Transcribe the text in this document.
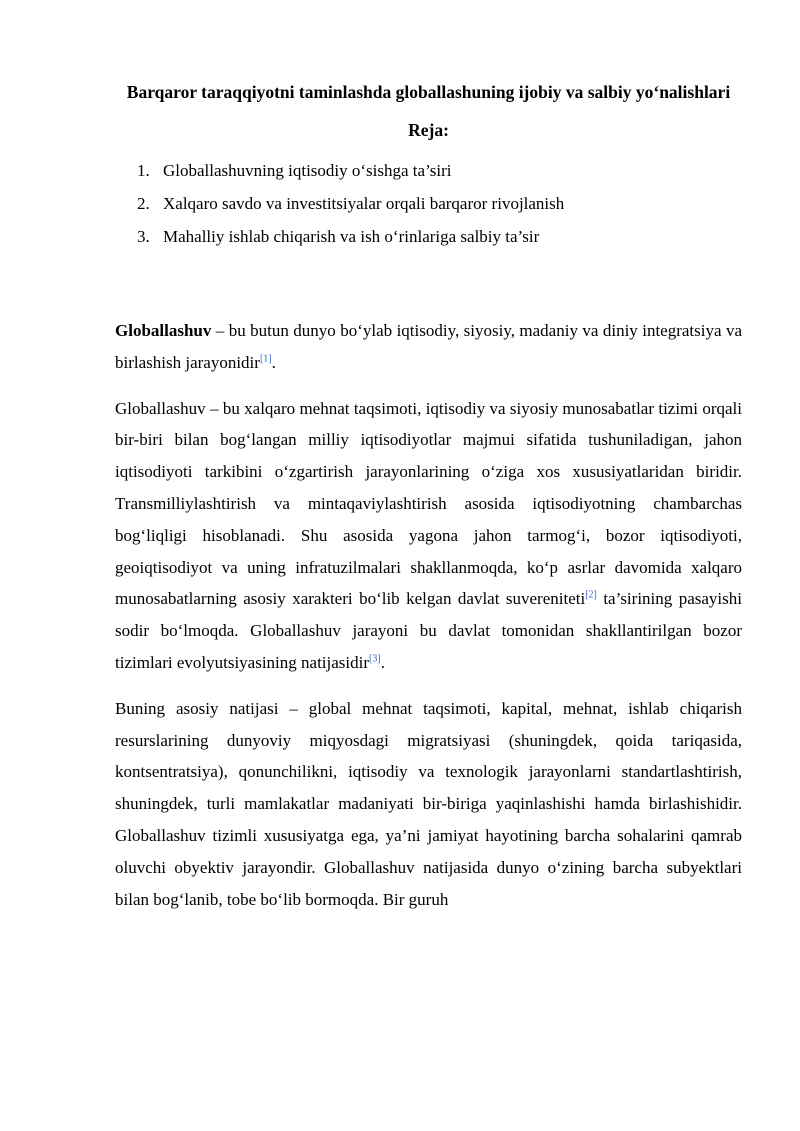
Barqaror taraqqiyotni taminlashda globallashuning ijobiy va salbiy yo‘nalishlari
Reja:
1. Globallashuvning iqtisodiy o‘sishga ta’siri
2. Xalqaro savdo va investitsiyalar orqali barqaror rivojlanish
3. Mahalliy ishlab chiqarish va ish o‘rinlariga salbiy ta’sir

Globallashuv – bu butun dunyo bo‘ylab iqtisodiy, siyosiy, madaniy va diniy integratsiya va birlashish jarayonidir[1].

Globallashuv – bu xalqaro mehnat taqsimoti, iqtisodiy va siyosiy munosabatlar tizimi orqali bir-biri bilan bog‘langan milliy iqtisodiyotlar majmui sifatida tushuniladigan, jahon iqtisodiyoti tarkibini o‘zgartirish jarayonlarining o‘ziga xos xususiyatlaridan biridir. Transmilliylashtirish va mintaqaviylashtirish asosida iqtisodiyotning chambarchas bog‘liqligi hisoblanadi. Shu asosida yagona jahon tarmog‘i, bozor iqtisodiyoti, geoiqtisodiyot va uning infratuzilmalari shakllanmoqda, ko‘p asrlar davomida xalqaro munosabatlarning asosiy xarakteri bo‘lib kelgan davlat suvereniteti[2] ta’sirining pasayishi sodir bo‘lmoqda. Globallashuv jarayoni bu davlat tomonidan shakllantirilgan bozor tizimlari evolyutsiyasining natijasidir[3].

Buning asosiy natijasi – global mehnat taqsimoti, kapital, mehnat, ishlab chiqarish resurslarining dunyoviy miqyosdagi migratsiyasi (shuningdek, qoida tariqasida, kontsentratsiya), qonunchilikni, iqtisodiy va texnologik jarayonlarni standartlashtirish, shuningdek, turli mamlakatlar madaniyati bir-biriga yaqinlashishi hamda birlashishidir. Globallashuv tizimli xususiyatga ega, ya’ni jamiyat hayotining barcha sohalarini qamrab oluvchi obyektiv jarayondir. Globallashuv natijasida dunyo o‘zining barcha subyektlari bilan bog‘lanib, tobe bo‘lib bormoqda. Bir guruh
